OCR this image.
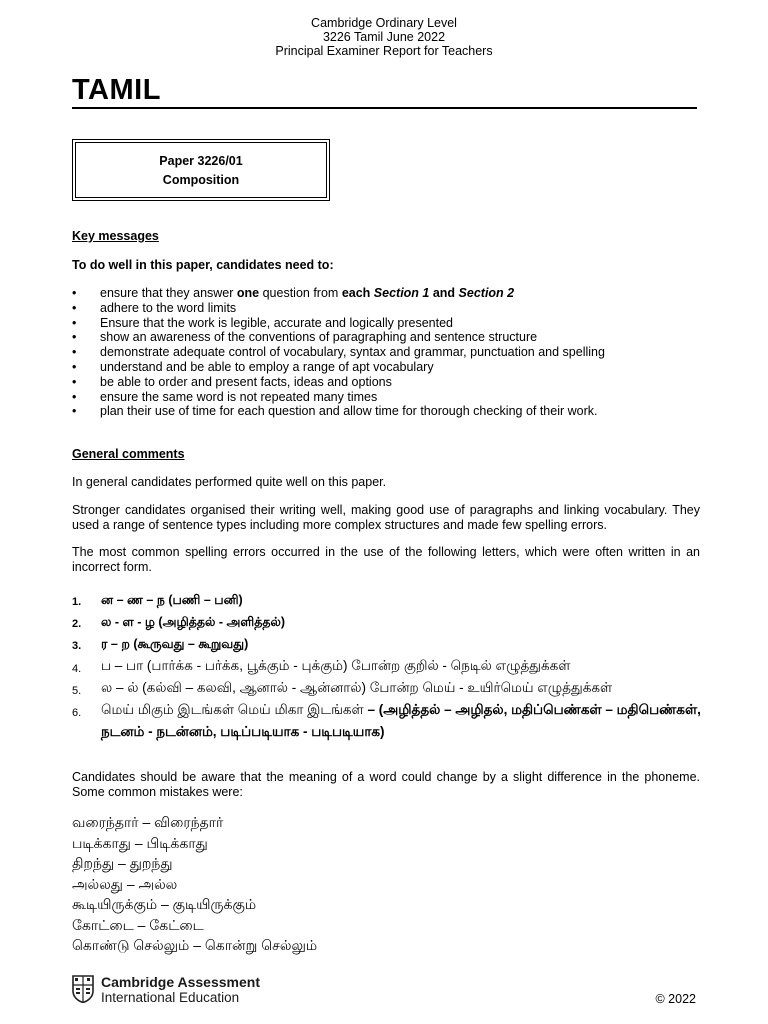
Cambridge Ordinary Level
3226 Tamil June 2022
Principal Examiner Report for Teachers
TAMIL
Paper 3226/01
Composition
Key messages
To do well in this paper, candidates need to:
• ensure that they answer one question from each Section 1 and Section 2
• adhere to the word limits
• Ensure that the work is legible, accurate and logically presented
• show an awareness of the conventions of paragraphing and sentence structure
• demonstrate adequate control of vocabulary, syntax and grammar, punctuation and spelling
• understand and be able to employ a range of apt vocabulary
• be able to order and present facts, ideas and options
• ensure the same word is not repeated many times
• plan their use of time for each question and allow time for thorough checking of their work.
General comments
In general candidates performed quite well on this paper.
Stronger candidates organised their writing well, making good use of paragraphs and linking vocabulary. They used a range of sentence types including more complex structures and made few spelling errors.
The most common spelling errors occurred in the use of the following letters, which were often written in an incorrect form.
1. ன – ண – ந (பணி – பனி)
2. ல - ள - ழ (அழித்தல் - அளித்தல்)
3. ர – ற (கூருவது – கூறுவது)
4. ப – பா (பார்க்க - பர்க்க, பூக்கும் - புக்கும்) போன்ற குறில் - நெடில் எழுத்துக்கள்
5. ல – ல் (கல்வி – கலவி, ஆனால் - ஆன்னால்) போன்ற மெய் - உயிர்மெய் எழுத்துக்கள்
6. மெய் மிகும் இடங்கள் மெய் மிகா இடங்கள் – (அழித்தல் – அழிதல், மதிப்பெண்கள் – மதிபெண்கள், நடனம் - நடன்னம், படிப்படியாக - படிபடியாக)
Candidates should be aware that the meaning of a word could change by a slight difference in the phoneme. Some common mistakes were:
வரைந்தார் – விரைந்தார்
படிக்காது – பிடிக்காது
திறந்து – துறந்து
அல்லது – அல்ல
கூடியிருக்கும் – குடியிருக்கும்
கோட்டை – கேட்டை
கொண்டு செல்லும் – கொன்று செல்லும்
Cambridge Assessment
International Education	© 2022
